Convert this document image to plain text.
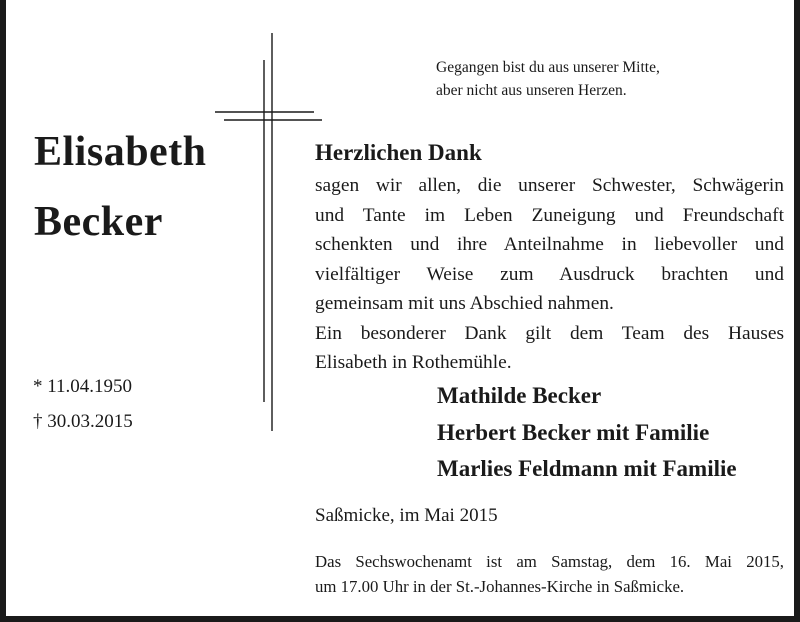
Gegangen bist du aus unserer Mitte,
aber nicht aus unseren Herzen.

Elisabeth
Becker

* 11.04.1950

† 30.03.2015

Herzlichen Dank

sagen wir allen, die unserer Schwester, Schwägerin
und Tante im Leben Zuneigung und Freundschaft
schenkten und ihre Anteilnahme in liebevoller und
vielfältiger Weise zum Ausdruck brachten und
gemeinsam mit uns Abschied nahmen.
Ein besonderer Dank gilt dem Team des Hauses
Elisabeth in Rothemühle.

Mathilde Becker
Herbert Becker mit Familie
Marlies Feldmann mit Familie

Saßmicke, im Mai 2015

Das Sechswochenamt ist am Samstag, dem 16. Mai 2015,
um 17.00 Uhr in der St.-Johannes-Kirche in Saßmicke.
